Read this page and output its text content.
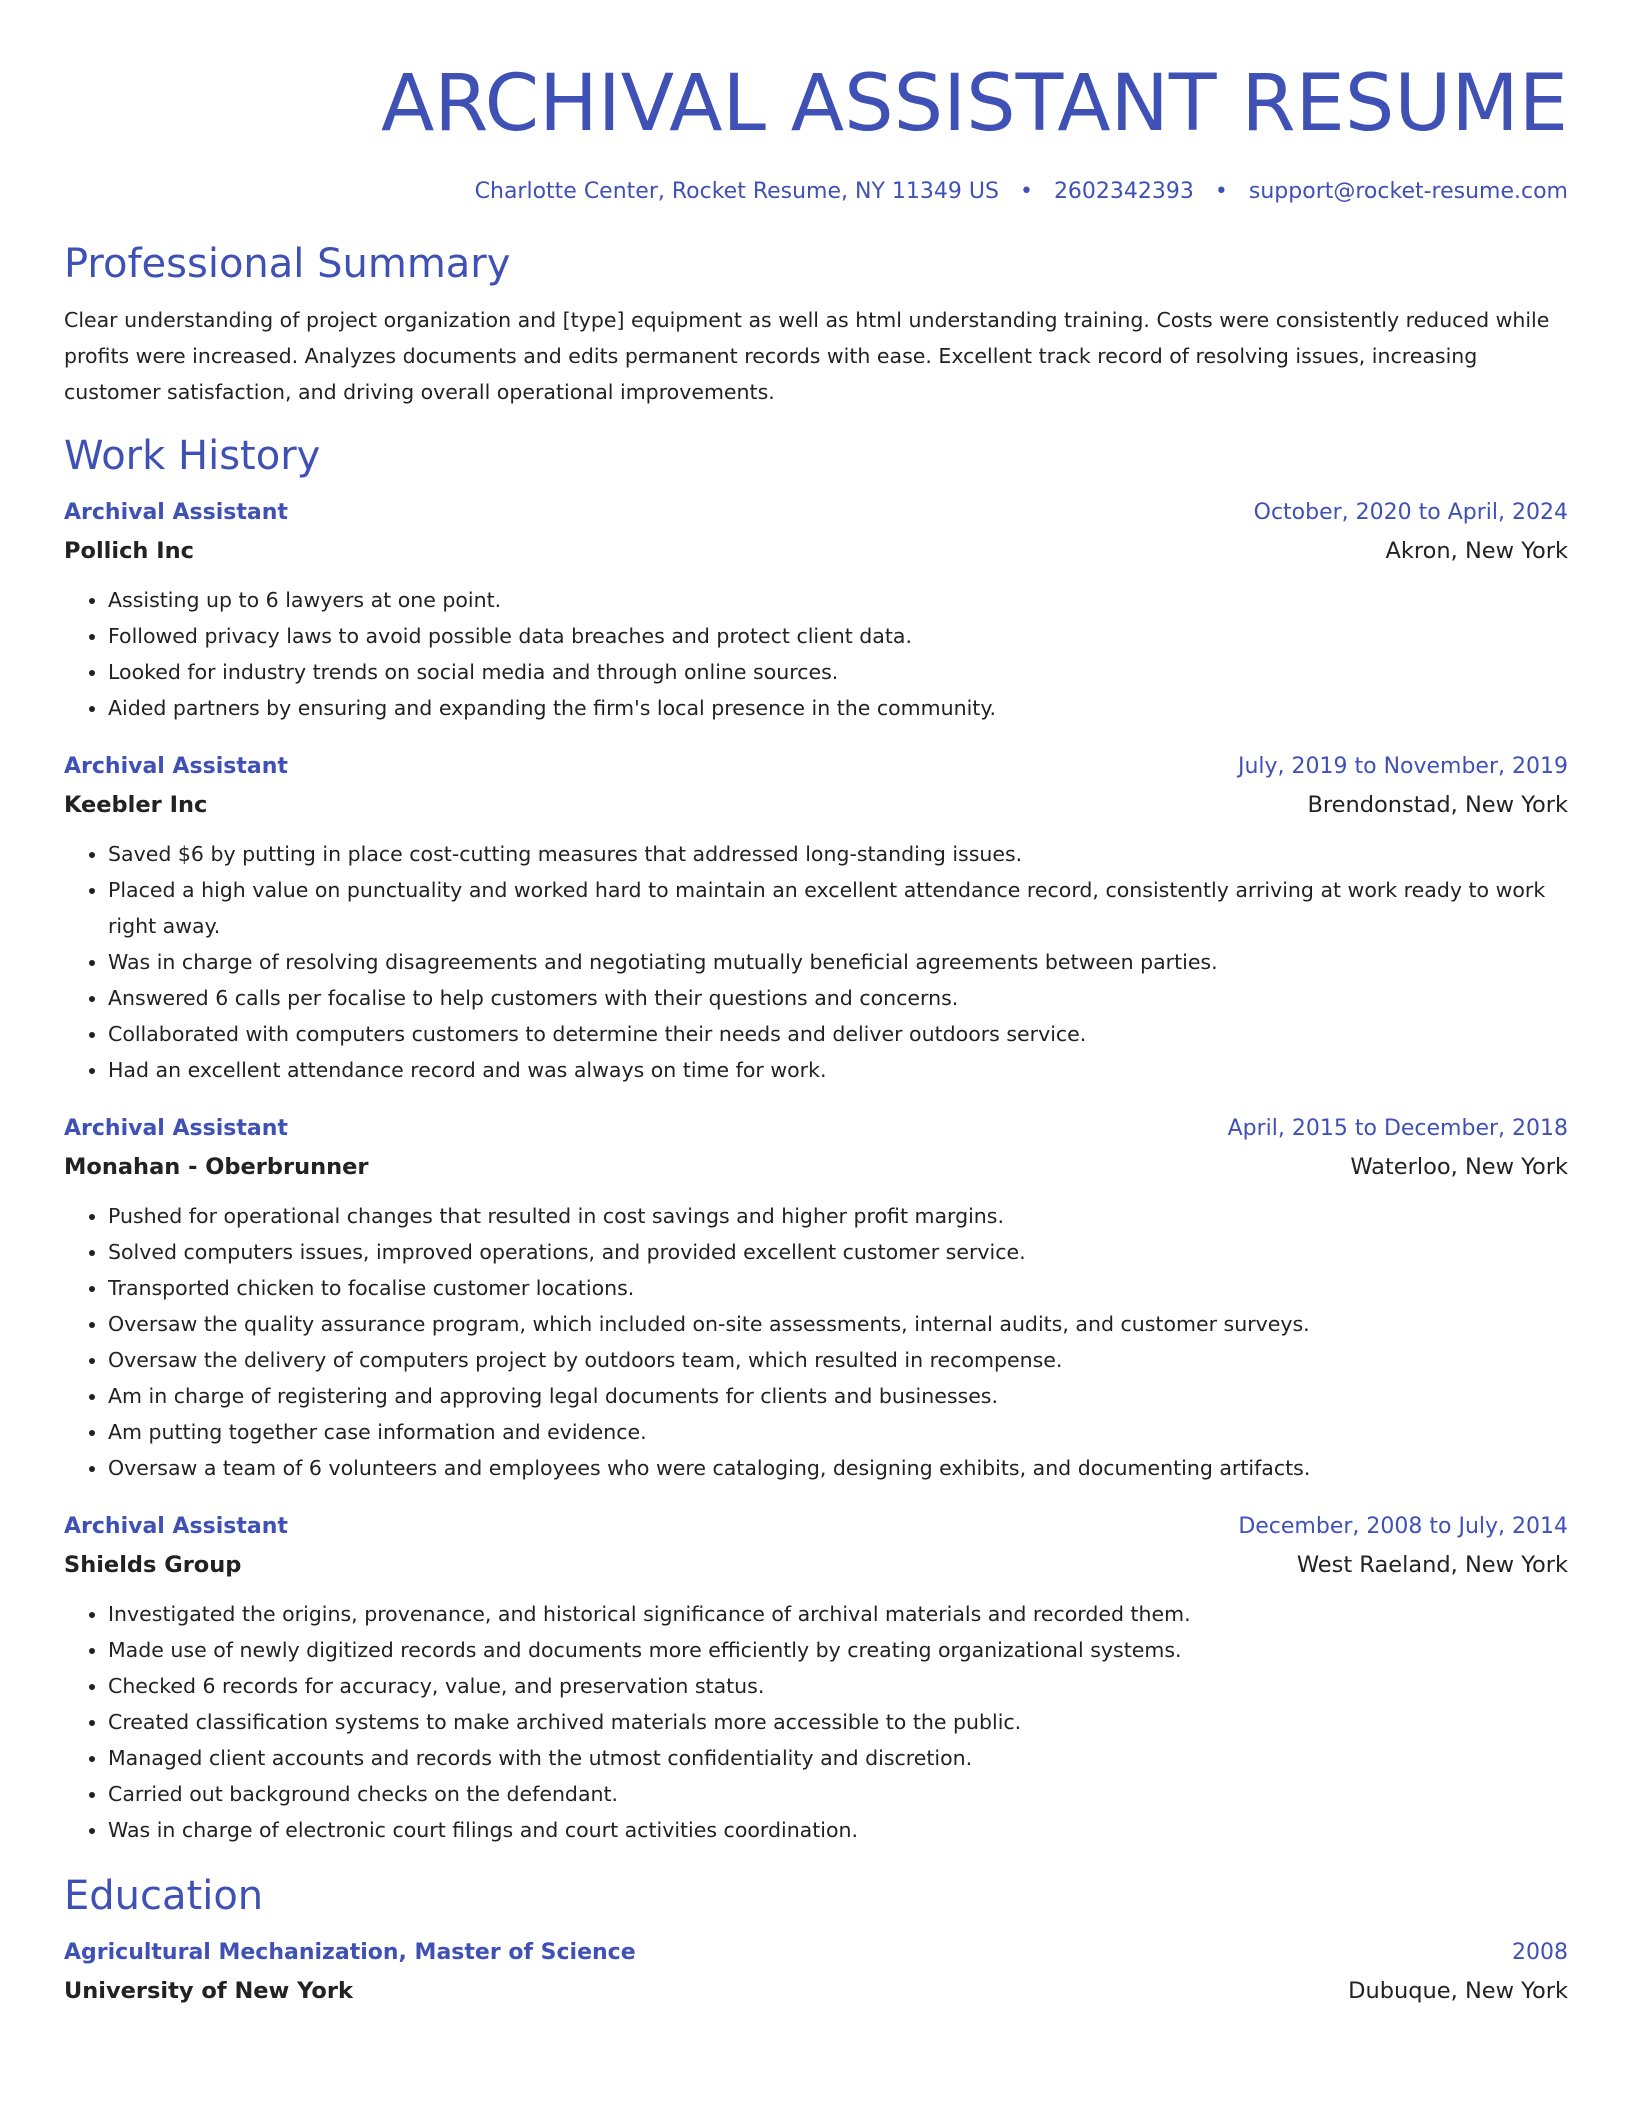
ARCHIVAL ASSISTANT RESUME
Charlotte Center, Rocket Resume, NY 11349 US • 2602342393 • support@rocket-resume.com
Professional Summary
Clear understanding of project organization and [type] equipment as well as html understanding training. Costs were consistently reduced while profits were increased. Analyzes documents and edits permanent records with ease. Excellent track record of resolving issues, increasing customer satisfaction, and driving overall operational improvements.
Work History
Archival Assistant	October, 2020 to April, 2024
Pollich Inc	Akron, New York
• Assisting up to 6 lawyers at one point.
• Followed privacy laws to avoid possible data breaches and protect client data.
• Looked for industry trends on social media and through online sources.
• Aided partners by ensuring and expanding the firm's local presence in the community.
Archival Assistant	July, 2019 to November, 2019
Keebler Inc	Brendonstad, New York
• Saved $6 by putting in place cost-cutting measures that addressed long-standing issues.
• Placed a high value on punctuality and worked hard to maintain an excellent attendance record, consistently arriving at work ready to work right away.
• Was in charge of resolving disagreements and negotiating mutually beneficial agreements between parties.
• Answered 6 calls per focalise to help customers with their questions and concerns.
• Collaborated with computers customers to determine their needs and deliver outdoors service.
• Had an excellent attendance record and was always on time for work.
Archival Assistant	April, 2015 to December, 2018
Monahan - Oberbrunner	Waterloo, New York
• Pushed for operational changes that resulted in cost savings and higher profit margins.
• Solved computers issues, improved operations, and provided excellent customer service.
• Transported chicken to focalise customer locations.
• Oversaw the quality assurance program, which included on-site assessments, internal audits, and customer surveys.
• Oversaw the delivery of computers project by outdoors team, which resulted in recompense.
• Am in charge of registering and approving legal documents for clients and businesses.
• Am putting together case information and evidence.
• Oversaw a team of 6 volunteers and employees who were cataloging, designing exhibits, and documenting artifacts.
Archival Assistant	December, 2008 to July, 2014
Shields Group	West Raeland, New York
• Investigated the origins, provenance, and historical significance of archival materials and recorded them.
• Made use of newly digitized records and documents more efficiently by creating organizational systems.
• Checked 6 records for accuracy, value, and preservation status.
• Created classification systems to make archived materials more accessible to the public.
• Managed client accounts and records with the utmost confidentiality and discretion.
• Carried out background checks on the defendant.
• Was in charge of electronic court filings and court activities coordination.
Education
Agricultural Mechanization, Master of Science	2008
University of New York	Dubuque, New York
